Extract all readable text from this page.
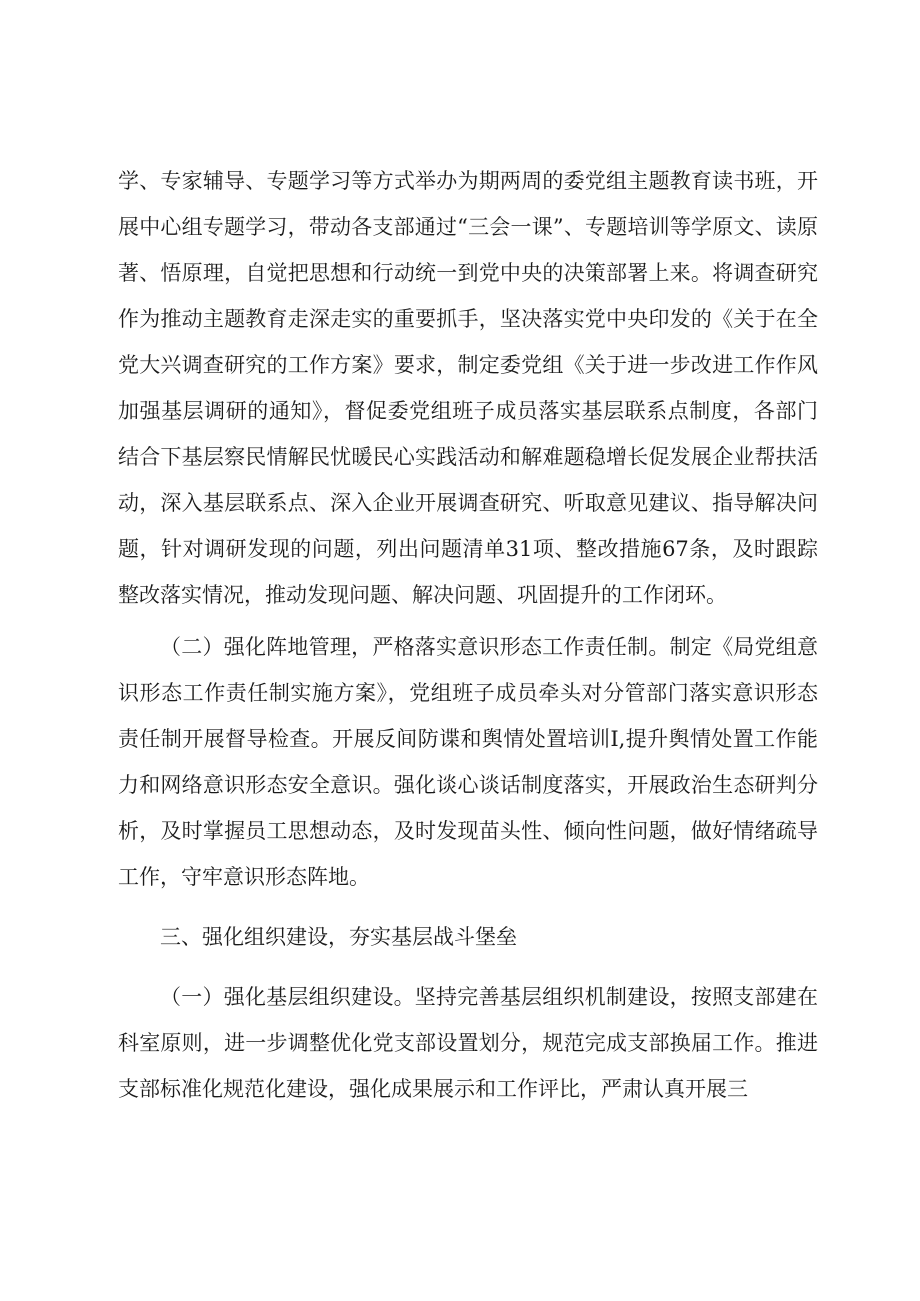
学、专家辅导、专题学习等方式举办为期两周的委党组主题教育读书班，开展中心组专题学习，带动各支部通过“三会一课”、专题培训等学原文、读原著、悟原理，自觉把思想和行动统一到党中央的决策部署上来。将调查研究作为推动主题教育走深走实的重要抓手，坚决落实党中央印发的《关于在全党大兴调查研究的工作方案》要求，制定委党组《关于进一步改进工作作风加强基层调研的通知》，督促委党组班子成员落实基层联系点制度，各部门结合下基层察民情解民忧暖民心实践活动和解难题稳增长促发展企业帮扶活动，深入基层联系点、深入企业开展调查研究、听取意见建议、指导解决问题，针对调研发现的问题，列出问题清单31项、整改措施67条，及时跟踪整改落实情况，推动发现问题、解决问题、巩固提升的工作闭环。

（二）强化阵地管理，严格落实意识形态工作责任制。制定《局党组意识形态工作责任制实施方案》，党组班子成员牵头对分管部门落实意识形态责任制开展督导检查。开展反间防谍和舆情处置培训I,提升舆情处置工作能力和网络意识形态安全意识。强化谈心谈话制度落实，开展政治生态研判分析，及时掌握员工思想动态，及时发现苗头性、倾向性问题，做好情绪疏导工作，守牢意识形态阵地。

三、强化组织建设，夯实基层战斗堡垒

（一）强化基层组织建设。坚持完善基层组织机制建设，按照支部建在科室原则，进一步调整优化党支部设置划分，规范完成支部换届工作。推进支部标准化规范化建设，强化成果展示和工作评比，严肃认真开展三
